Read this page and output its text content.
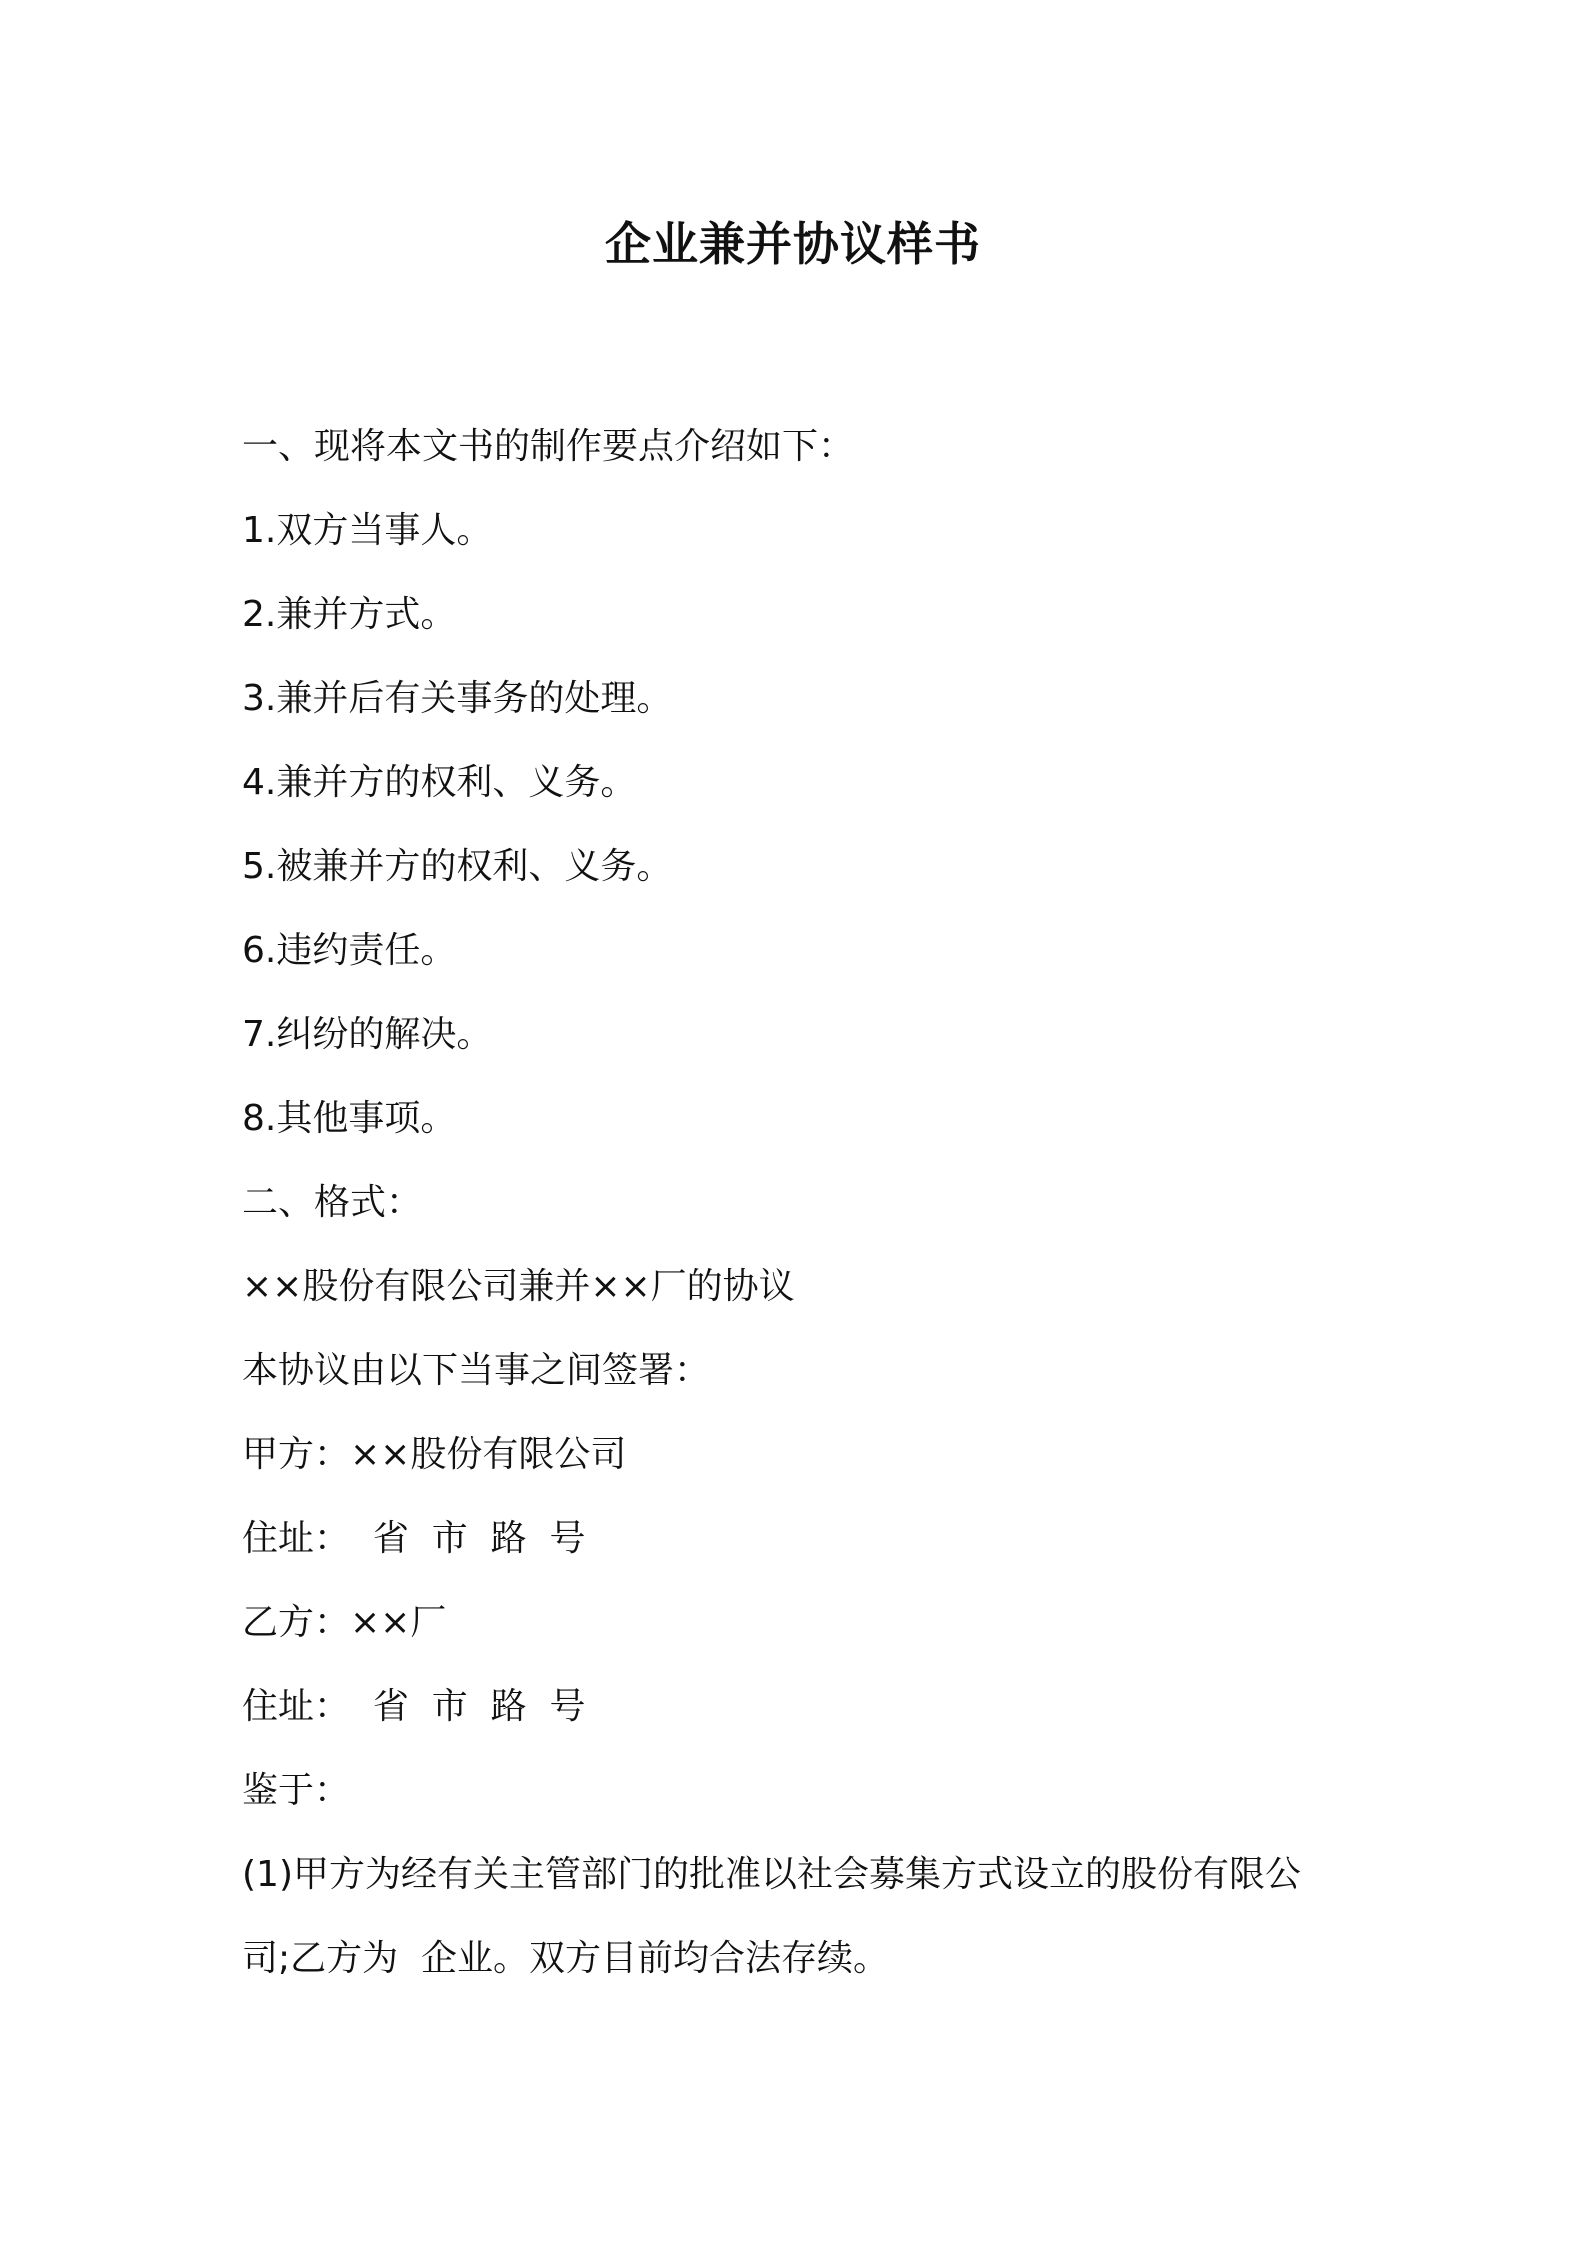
企业兼并协议样书
一、现将本文书的制作要点介绍如下：
1.双方当事人。
2.兼并方式。
3.兼并后有关事务的处理。
4.兼并方的权利、义务。
5.被兼并方的权利、义务。
6.违约责任。
7.纠纷的解决。
8.其他事项。
二、格式：
××股份有限公司兼并××厂的协议
本协议由以下当事之间签署：
甲方：××股份有限公司
住址：  省  市  路  号
乙方：××厂
住址：  省  市  路  号
鉴于：
(1)甲方为经有关主管部门的批准以社会募集方式设立的股份有限公
司;乙方为  企业。双方目前均合法存续。
